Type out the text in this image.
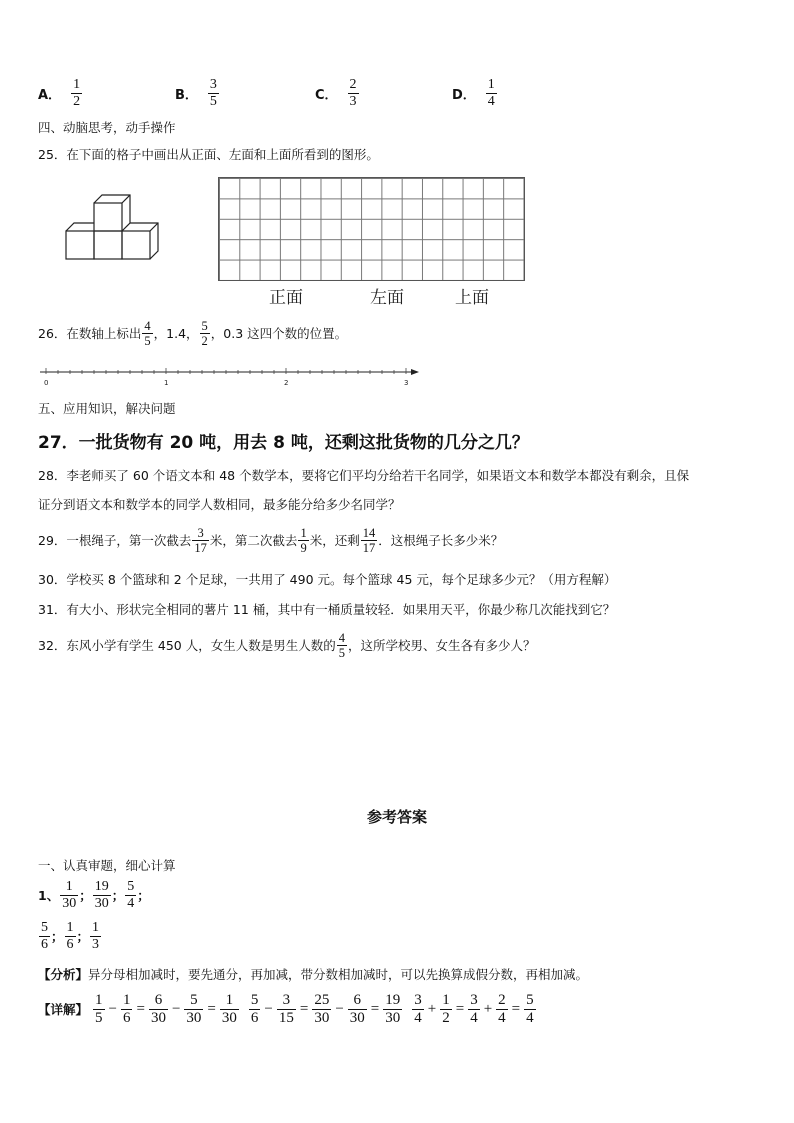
A． $\frac{1}{2}$	B． $\frac{3}{5}$	C． $\frac{2}{3}$	D． $\frac{1}{4}$
四、动脑思考，动手操作
25．在下面的格子中画出从正面、左面和上面所看到的图形。
正面	左面	上面
26．在数轴上标出 $\frac{4}{5}$ ，1.4， $\frac{5}{2}$ ，0.3 这四个数的位置。
0	1	2	3
五、应用知识，解决问题
27．一批货物有 20 吨，用去 8 吨，还剩这批货物的几分之几？
28．李老师买了 60 个语文本和 48 个数学本，要将它们平均分给若干名同学，如果语文本和数学本都没有剩余，且保
证分到语文本和数学本的同学人数相同，最多能分给多少名同学？
29．一根绳子，第一次截去 $\frac{3}{17}$ 米，第二次截去 $\frac{1}{9}$ 米，还剩 $\frac{14}{17}$ ．这根绳子长多少米？
30．学校买 8 个篮球和 2 个足球，一共用了 490 元。每个篮球 45 元，每个足球多少元？（用方程解）
31．有大小、形状完全相同的薯片 11 桶，其中有一桶质量较轻．如果用天平，你最少称几次能找到它？
32．东风小学有学生 450 人，女生人数是男生人数的 $\frac{4}{5}$ ，这所学校男、女生各有多少人？
参考答案
一、认真审题，细心计算
1、 $\frac{1}{30}$ ； $\frac{19}{30}$ ； $\frac{5}{4}$ ；
$\frac{5}{6}$ ； $\frac{1}{6}$ ； $\frac{1}{3}$
【分析】异分母相加减时，要先通分，再加减，带分数相加减时，可以先换算成假分数，再相加减。
【详解】 $\frac{1}{5} - \frac{1}{6} = \frac{6}{30} - \frac{5}{30} = \frac{1}{30} \frac{5}{6} - \frac{3}{15} = \frac{25}{30} - \frac{6}{30} = \frac{19}{30} \frac{3}{4} + \frac{1}{2} = \frac{3}{4} + \frac{2}{4} = \frac{5}{4}$
